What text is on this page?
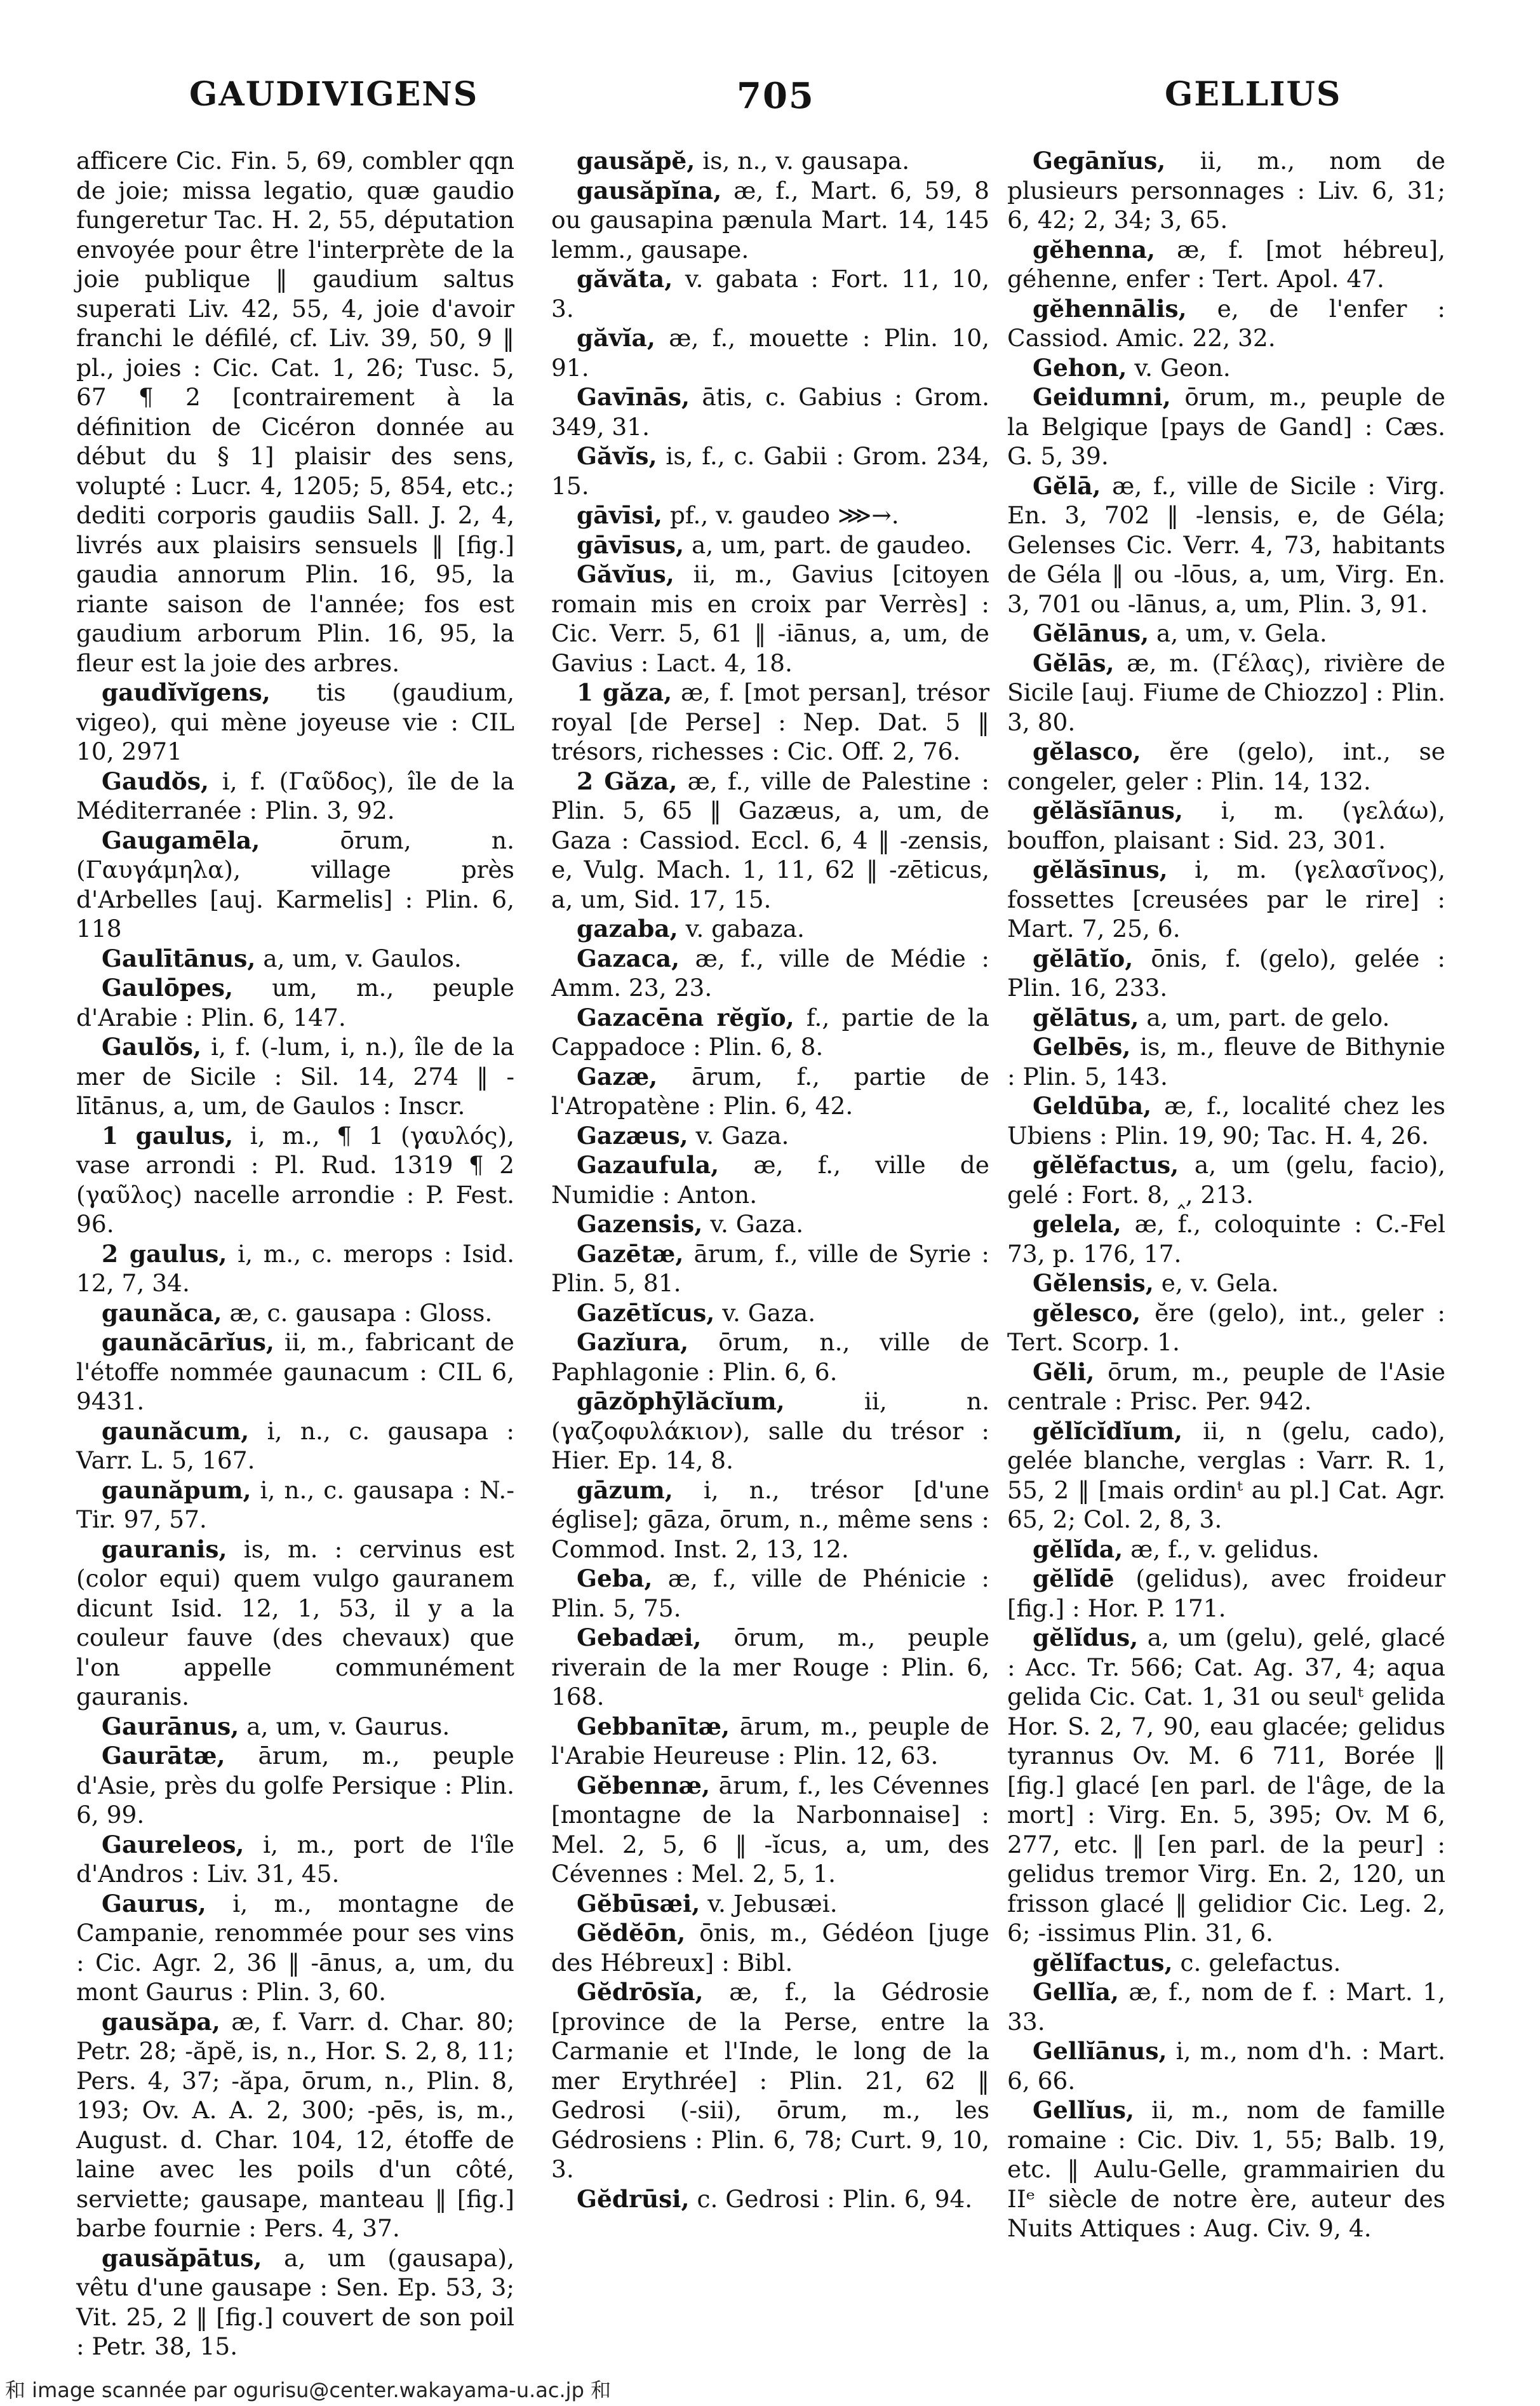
GAUDIVIGENS	705	GELLIUS

afficere Cic. Fin. 5, 69, combler qqn de joie; missa legatio, quæ gaudio fungeretur Tac. H. 2, 55, députation envoyée pour être l'interprète de la joie publique ‖ gaudium saltus superati Liv. 42, 55, 4, joie d'avoir franchi le défilé, cf. Liv. 39, 50, 9 ‖ pl., joies : Cic. Cat. 1, 26; Tusc. 5, 67 ¶ 2 [contrairement à la définition de Cicéron donnée au début du § 1] plaisir des sens, volupté : Lucr. 4, 1205; 5, 854, etc.; dediti corporis gaudiis Sall. J. 2, 4, livrés aux plaisirs sensuels ‖ [fig.] gaudia annorum Plin. 16, 95, la riante saison de l'année; fos est gaudium arborum Plin. 16, 95, la fleur est la joie des arbres.

gaudĭvĭgens, tis (gaudium, vigeo), qui mène joyeuse vie : CIL 10, 2971

Gaudŏs, i, f. (Γαῦδος), île de la Méditerranée : Plin. 3, 92.

Gaugamēla,	ōrum, n. (Γαυγάμηλα), village près d'Arbelles [auj. Karmelis] : Plin. 6, 118

Gaulītānus, a, um, v. Gaulos.

Gaulōpes, um, m., peuple d'Arabie : Plin. 6, 147.

Gaulŏs, i, f. (-lum, i, n.), île de la mer de Sicile : Sil. 14, 274 ‖ -lītānus, a, um, de Gaulos : Inscr.

1 gaulus, i, m., ¶ 1 (γαυλός), vase arrondi : Pl. Rud. 1319 ¶ 2 (γαῦλος) nacelle arrondie : P. Fest. 96.

2 gaulus, i, m., c. merops : Isid. 12, 7, 34.

gaunăca, æ, c. gausapa : Gloss.

gaunăcārĭus, ii, m., fabricant de l'étoffe nommée gaunacum : CIL 6, 9431.

gaunăcum, i, n., c. gausapa : Varr. L. 5, 167.

gaunăpum, i, n., c. gausapa : N.-Tir. 97, 57.

gauranis, is, m. : cervinus est (color equi) quem vulgo gauranem dicunt Isid. 12, 1, 53, il y a la couleur fauve (des chevaux) que l'on appelle communément gauranis.

Gaurānus, a, um, v. Gaurus.

Gaurātæ, ārum, m., peuple d'Asie, près du golfe Persique : Plin. 6, 99.

Gaureleos, i, m., port de l'île d'Andros : Liv. 31, 45.

Gaurus, i, m., montagne de Campanie, renommée pour ses vins : Cic. Agr. 2, 36 ‖ -ānus, a, um, du mont Gaurus : Plin. 3, 60.

gausăpa, æ, f. Varr. d. Char. 80; Petr. 28; -ăpĕ, is, n., Hor. S. 2, 8, 11; Pers. 4, 37; -ăpa, ōrum, n., Plin. 8, 193; Ov. A. A. 2, 300; -pēs, is, m., August. d. Char. 104, 12, étoffe de laine avec les poils d'un côté, serviette; gausape, manteau ‖ [fig.] barbe fournie : Pers. 4, 37.

gausăpātus, a, um (gausapa), vêtu d'une gausape : Sen. Ep. 53, 3; Vit. 25, 2 ‖ [fig.] couvert de son poil : Petr. 38, 15.

gausăpĕ, is, n., v. gausapa.

gausăpĭna, æ, f., Mart. 6, 59, 8 ou gausapina pænula Mart. 14, 145 lemm., gausape.

găvăta, v. gabata : Fort. 11, 10, 3.

găvĭa, æ, f., mouette : Plin. 10, 91.

Gavīnās, ātis, c. Gabius : Grom. 349, 31.

Găvĭs, is, f., c. Gabii : Grom. 234, 15.

gāvīsi, pf., v. gaudeo ⋙→.

gāvīsus, a, um, part. de gaudeo.

Găvĭus, ii, m., Gavius [citoyen romain mis en croix par Verrès] : Cic. Verr. 5, 61 ‖ -iānus, a, um, de Gavius : Lact. 4, 18.

1 găza, æ, f. [mot persan], trésor royal [de Perse] : Nep. Dat. 5 ‖ trésors, richesses : Cic. Off. 2, 76.

2 Găza, æ, f., ville de Palestine : Plin. 5, 65 ‖ Gazæus, a, um, de Gaza : Cassiod. Eccl. 6, 4 ‖ -zensis, e, Vulg. Mach. 1, 11, 62 ‖ -zēticus, a, um, Sid. 17, 15.

gazaba, v. gabaza.

Gazaca, æ, f., ville de Médie : Amm. 23, 23.

Gazacēna rĕgĭo, f., partie de la Cappadoce : Plin. 6, 8.

Gazæ, ārum, f., partie de l'Atropatène : Plin. 6, 42.

Gazæus, v. Gaza.

Gazaufula, æ, f., ville de Numidie : Anton.

Gazensis, v. Gaza.

Gazētæ, ārum, f., ville de Syrie : Plin. 5, 81.

Gazētĭcus, v. Gaza.

Gazĭura, ōrum, n., ville de Paphlagonie : Plin. 6, 6.

gāzŏphȳlăcĭum,	ii, n. (γαζοφυλάκιον), salle du trésor : Hier. Ep. 14, 8.

gāzum, i, n., trésor [d'une église]; gāza, ōrum, n., même sens : Commod. Inst. 2, 13, 12.

Geba, æ, f., ville de Phénicie : Plin. 5, 75.

Gebadæi, ōrum, m., peuple riverain de la mer Rouge : Plin. 6, 168.

Gebbanītæ, ārum, m., peuple de l'Arabie Heureuse : Plin. 12, 63.

Gĕbennæ, ārum, f., les Cévennes [montagne de la Narbonnaise] : Mel. 2, 5, 6 ‖ -ĭcus, a, um, des Cévennes : Mel. 2, 5, 1.

Gĕbūsæi, v. Jebusæi.

Gĕdĕōn, ōnis, m., Gédéon [juge des Hébreux] : Bibl.

Gĕdrōsĭa, æ, f., la Gédrosie [province de la Perse, entre la Carmanie et l'Inde, le long de la mer Erythrée] : Plin. 21, 62 ‖ Gedrosi (-sii), ōrum, m., les Gédrosiens : Plin. 6, 78; Curt. 9, 10, 3.

Gĕdrūsi, c. Gedrosi : Plin. 6, 94.

Gegānĭus, ii, m., nom de plusieurs personnages : Liv. 6, 31; 6, 42; 2, 34; 3, 65.

gĕhenna, æ, f. [mot hébreu], géhenne, enfer : Tert. Apol. 47.

gĕhennālis, e, de l'enfer : Cassiod. Amic. 22, 32.

Gehon, v. Geon.

Geidumni, ōrum, m., peuple de la Belgique [pays de Gand] : Cæs. G. 5, 39.

Gĕlā, æ, f., ville de Sicile : Virg. En. 3, 702 ‖ -lensis, e, de Géla; Gelenses Cic. Verr. 4, 73, habitants de Géla ‖ ou -lōus, a, um, Virg. En. 3, 701 ou -lānus, a, um, Plin. 3, 91.

Gĕlānus, a, um, v. Gela.

Gĕlās, æ, m. (Γέλας), rivière de Sicile [auj. Fiume de Chiozzo] : Plin. 3, 80.

gĕlasco, ĕre (gelo), int., se congeler, geler : Plin. 14, 132.

gĕlăsĭānus, i, m. (γελάω), bouffon, plaisant : Sid. 23, 301.

gĕlăsīnus, i, m. (γελασῖνος), fossettes [creusées par le rire] : Mart. 7, 25, 6.

gĕlātĭo, ōnis, f. (gelo), gelée : Plin. 16, 233.

gĕlātus, a, um, part. de gelo.

Gelbēs, is, m., fleuve de Bithynie : Plin. 5, 143.

Geldūba, æ, f., localité chez les Ubiens : Plin. 19, 90; Tac. H. 4, 26.

gĕlĕfactus, a, um (gelu, facio), gelé : Fort. 8, ‸, 213.

gelela, æ, f., coloquinte : C.-Fel 73, p. 176, 17.

Gĕlensis, e, v. Gela.

gĕlesco, ĕre (gelo), int., geler : Tert. Scorp. 1.

Gĕli, ōrum, m., peuple de l'Asie centrale : Prisc. Per. 942.

gĕlĭcĭdĭum, ii, n (gelu, cado), gelée blanche, verglas : Varr. R. 1, 55, 2 ‖ [mais ordinᵗ au pl.] Cat. Agr. 65, 2; Col. 2, 8, 3.

gĕlĭda, æ, f., v. gelidus.

gĕlĭdē (gelidus), avec froideur [fig.] : Hor. P. 171.

gĕlĭdus, a, um (gelu), gelé, glacé : Acc. Tr. 566; Cat. Ag. 37, 4; aqua gelida Cic. Cat. 1, 31 ou seulᵗ gelida Hor. S. 2, 7, 90, eau glacée; gelidus tyrannus Ov. M. 6 711, Borée ‖ [fig.] glacé [en parl. de l'âge, de la mort] : Virg. En. 5, 395; Ov. M 6, 277, etc. ‖ [en parl. de la peur] : gelidus tremor Virg. En. 2, 120, un frisson glacé ‖ gelidior Cic. Leg. 2, 6; -issimus Plin. 31, 6.

gĕlĭfactus, c. gelefactus.

Gellĭa, æ, f., nom de f. : Mart. 1, 33.

Gellĭānus, i, m., nom d'h. : Mart. 6, 66.

Gellĭus, ii, m., nom de famille romaine : Cic. Div. 1, 55; Balb. 19, etc. ‖ Aulu-Gelle, grammairien du IIᵉ siècle de notre ère, auteur des Nuits Attiques : Aug. Civ. 9, 4.

和 image scannée par ogurisu@center.wakayama-u.ac.jp 和
